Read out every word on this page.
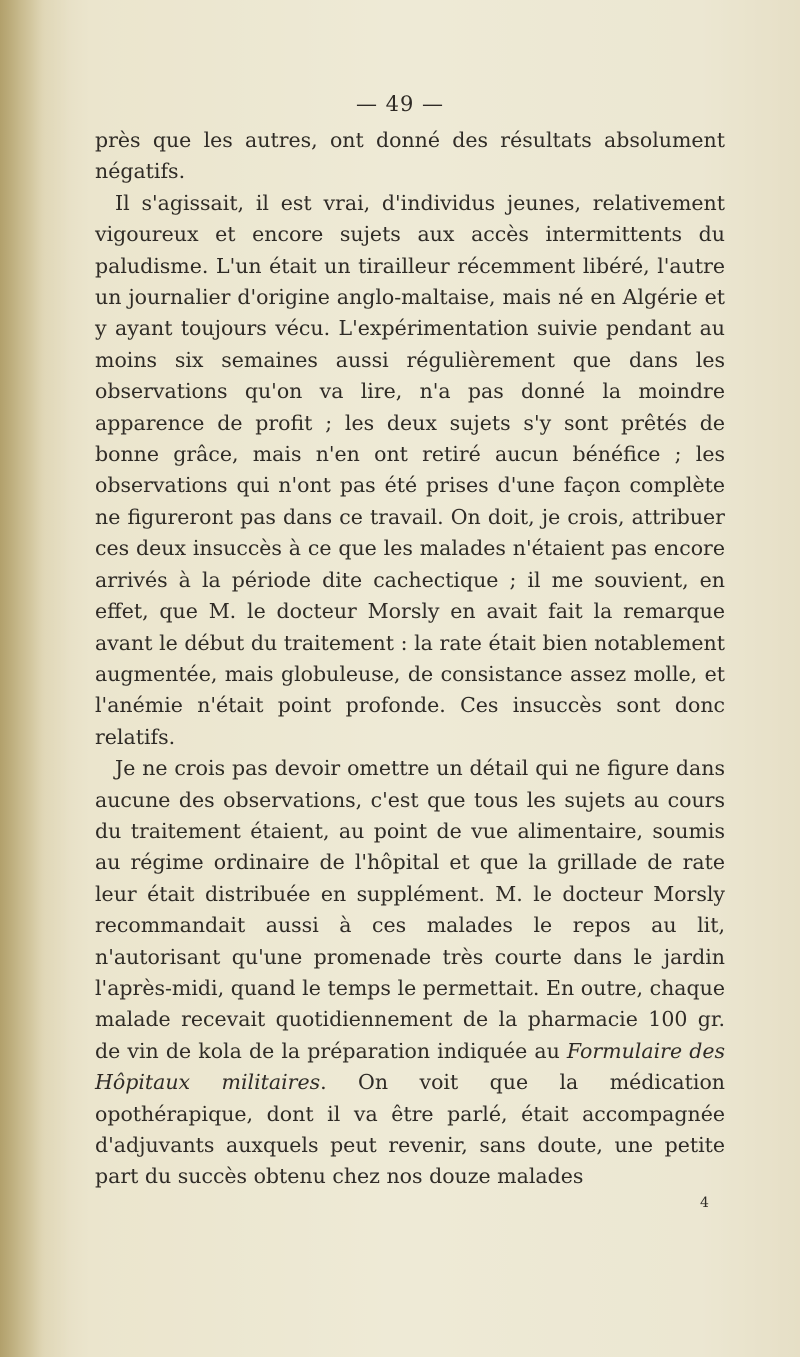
— 49 —

près que les autres, ont donné des résultats absolument négatifs.

Il s'agissait, il est vrai, d'individus jeunes, relativement vigoureux et encore sujets aux accès intermittents du paludisme. L'un était un tirailleur récemment libéré, l'autre un journalier d'origine anglo-maltaise, mais né en Algérie et y ayant toujours vécu. L'expérimentation suivie pendant au moins six semaines aussi régulièrement que dans les observations qu'on va lire, n'a pas donné la moindre apparence de profit ; les deux sujets s'y sont prêtés de bonne grâce, mais n'en ont retiré aucun bénéfice ; les observations qui n'ont pas été prises d'une façon complète ne figureront pas dans ce travail. On doit, je crois, attribuer ces deux insuccès à ce que les malades n'étaient pas encore arrivés à la période dite cachectique ; il me souvient, en effet, que M. le docteur Morsly en avait fait la remarque avant le début du traitement : la rate était bien notablement augmentée, mais globuleuse, de consistance assez molle, et l'anémie n'était point profonde. Ces insuccès sont donc relatifs.

Je ne crois pas devoir omettre un détail qui ne figure dans aucune des observations, c'est que tous les sujets au cours du traitement étaient, au point de vue alimentaire, soumis au régime ordinaire de l'hôpital et que la grillade de rate leur était distribuée en supplément. M. le docteur Morsly recommandait aussi à ces malades le repos au lit, n'autorisant qu'une promenade très courte dans le jardin l'après-midi, quand le temps le permettait. En outre, chaque malade recevait quotidiennement de la pharmacie 100 gr. de vin de kola de la préparation indiquée au Formulaire des Hôpitaux militaires. On voit que la médication opothérapique, dont il va être parlé, était accompagnée d'adjuvants auxquels peut revenir, sans doute, une petite part du succès obtenu chez nos douze malades

4
